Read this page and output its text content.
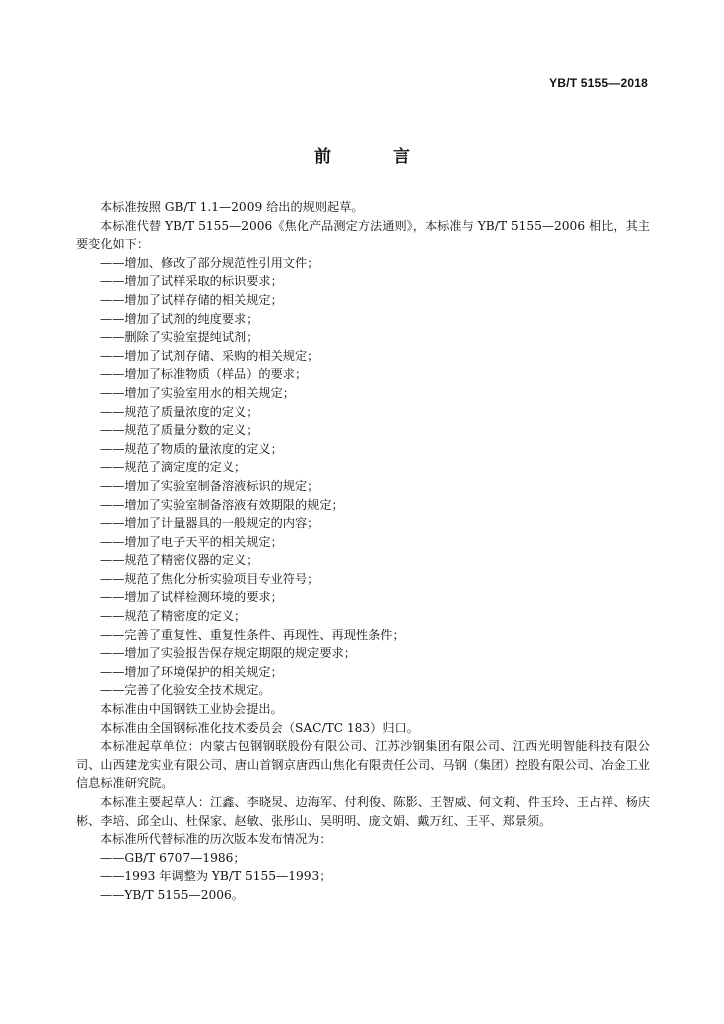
YB/T 5155—2018
前 言

本标准按照 GB/T 1.1—2009 给出的规则起草。

本标准代替 YB/T 5155—2006《焦化产品测定方法通则》，本标准与 YB/T 5155—2006 相比，其主要变化如下：

——增加、修改了部分规范性引用文件；

——增加了试样采取的标识要求；

——增加了试样存储的相关规定；

——增加了试剂的纯度要求；

——删除了实验室提纯试剂；

——增加了试剂存储、采购的相关规定；

——增加了标准物质（样品）的要求；

——增加了实验室用水的相关规定；

——规范了质量浓度的定义；

——规范了质量分数的定义；

——规范了物质的量浓度的定义；

——规范了滴定度的定义；

——增加了实验室制备溶液标识的规定；

——增加了实验室制备溶液有效期限的规定；

——增加了计量器具的一般规定的内容；

——增加了电子天平的相关规定；

——规范了精密仪器的定义；

——规范了焦化分析实验项目专业符号；

——增加了试样检测环境的要求；

——规范了精密度的定义；

——完善了重复性、重复性条件、再现性、再现性条件；

——增加了实验报告保存规定期限的规定要求；

——增加了环境保护的相关规定；

——完善了化验安全技术规定。

本标准由中国钢铁工业协会提出。

本标准由全国钢标准化技术委员会（SAC/TC 183）归口。

本标准起草单位：内蒙古包钢钢联股份有限公司、江苏沙钢集团有限公司、江西光明智能科技有限公司、山西建龙实业有限公司、唐山首钢京唐西山焦化有限责任公司、马钢（集团）控股有限公司、冶金工业信息标准研究院。

本标准主要起草人：江鑫、李晓炅、边海军、付利俊、陈影、王智威、何文莉、件玉玲、王占祥、杨庆彬、李培、邱全山、杜保家、赵敏、张彤山、吴明明、庞文娟、戴万红、王平、郑景须。

本标准所代替标准的历次版本发布情况为：

——GB/T 6707—1986；

——1993 年调整为 YB/T 5155—1993；

——YB/T 5155—2006。
